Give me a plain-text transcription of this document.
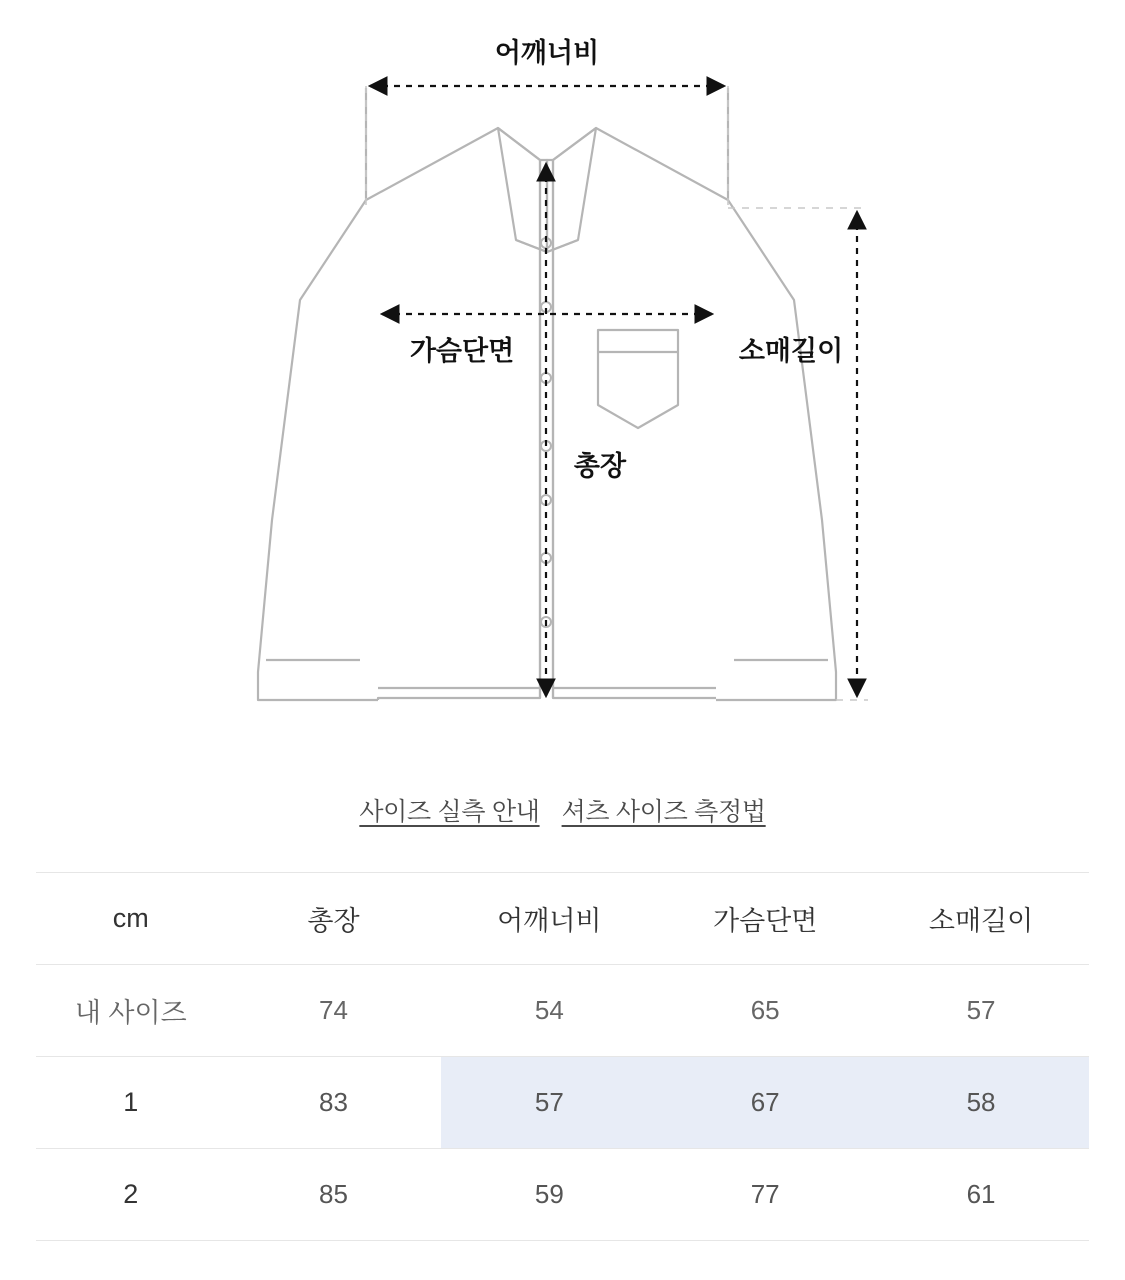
어깨너비
가슴단면
총장
소매길이
사이즈 실측 안내 셔츠 사이즈 측정법
cm	총장	어깨너비	가슴단면	소매길이
내 사이즈	74	54	65	57
1	83	57	67	58
2	85	59	77	61
